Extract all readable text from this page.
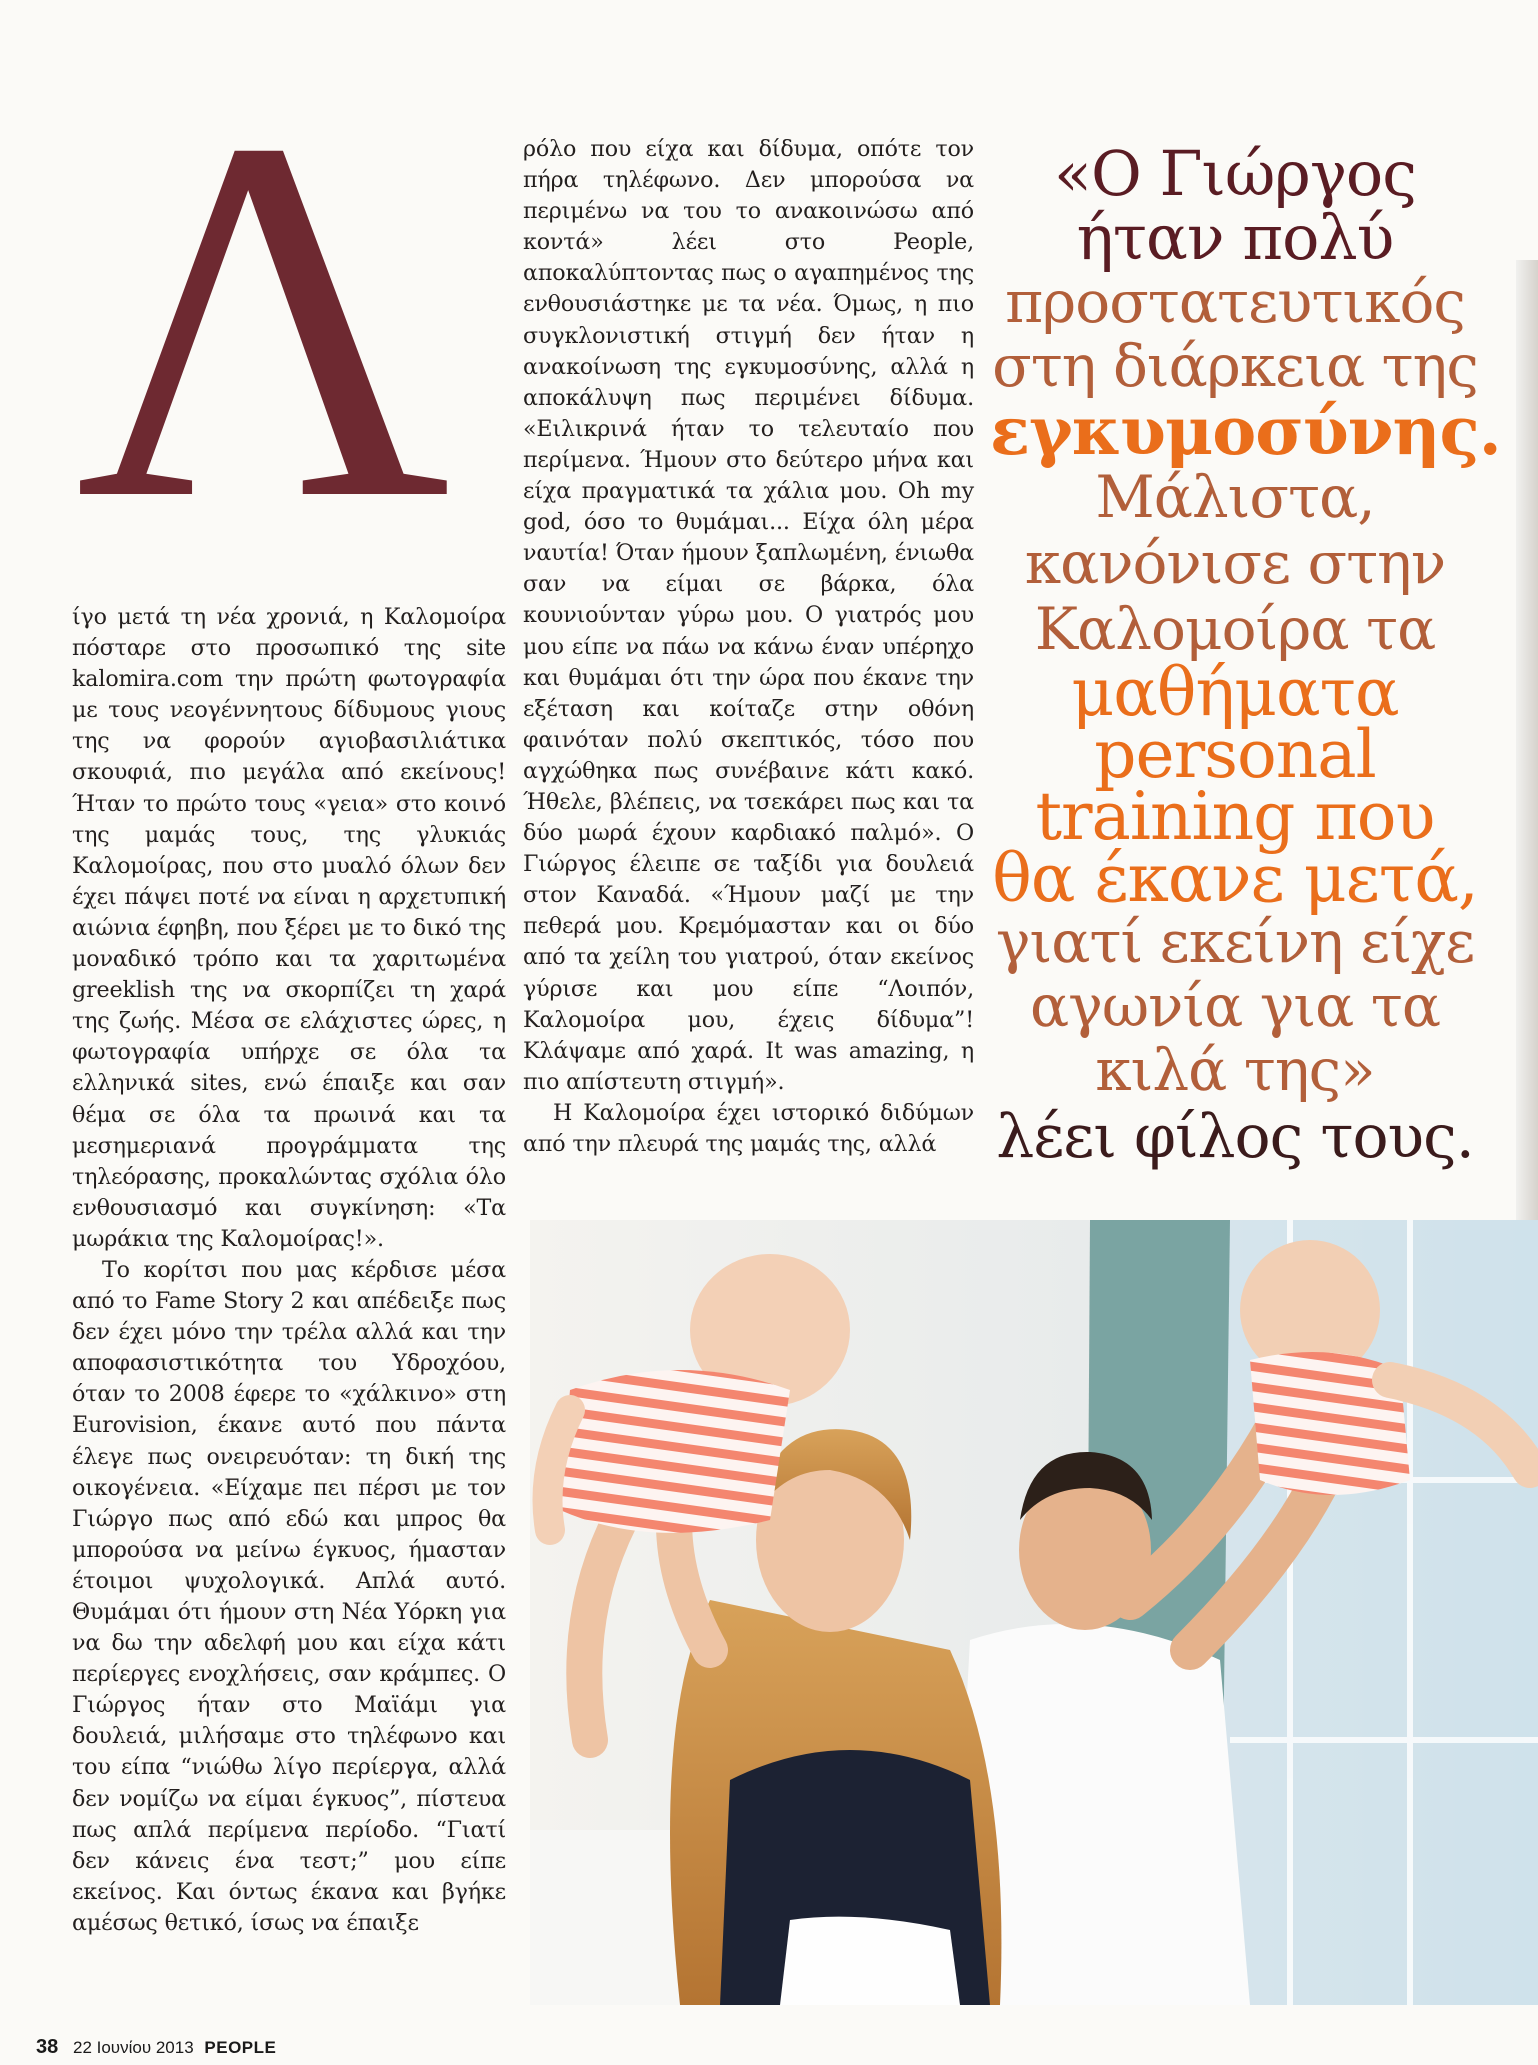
Λ

ίγο μετά τη νέα χρονιά, η Καλομοίρα πόσταρε στο προσωπικό της site kalomira.com την πρώτη φωτογραφία με τους νεογέννητους δίδυμους γιους της να φορούν αγιοβασιλιάτικα σκουφιά, πιο μεγάλα από εκείνους! Ήταν το πρώτο τους «γεια» στο κοινό της μαμάς τους, της γλυκιάς Καλομοίρας, που στο μυαλό όλων δεν έχει πάψει ποτέ να είναι η αρχετυπική αιώνια έφηβη, που ξέρει με το δικό της μοναδικό τρόπο και τα χαριτωμένα greeklish της να σκορπίζει τη χαρά της ζωής. Μέσα σε ελάχιστες ώρες, η φωτογραφία υπήρχε σε όλα τα ελληνικά sites, ενώ έπαιξε και σαν θέμα σε όλα τα πρωινά και τα μεσημεριανά προγράμματα της τηλεόρασης, προκαλώντας σχόλια όλο ενθουσιασμό και συγκίνηση: «Τα μωράκια της Καλομοίρας!».

Το κορίτσι που μας κέρδισε μέσα από το Fame Story 2 και απέδειξε πως δεν έχει μόνο την τρέλα αλλά και την αποφασιστικότητα του Υδροχόου, όταν το 2008 έφερε το «χάλκινο» στη Eurovision, έκανε αυτό που πάντα έλεγε πως ονειρευόταν: τη δική της οικογένεια. «Είχαμε πει πέρσι με τον Γιώργο πως από εδώ και μπρος θα μπορούσα να μείνω έγκυος, ήμασταν έτοιμοι ψυχολογικά. Απλά αυτό. Θυμάμαι ότι ήμουν στη Νέα Υόρκη για να δω την αδελφή μου και είχα κάτι περίεργες ενοχλήσεις, σαν κράμπες. Ο Γιώργος ήταν στο Μαϊάμι για δουλειά, μιλήσαμε στο τηλέφωνο και του είπα “νιώθω λίγο περίεργα, αλλά δεν νομίζω να είμαι έγκυος”, πίστευα πως απλά περίμενα περίοδο. “Γιατί δεν κάνεις ένα τεστ;” μου είπε εκείνος. Και όντως έκανα και βγήκε αμέσως θετικό, ίσως να έπαιξε

ρόλο που είχα και δίδυμα, οπότε τον πήρα τηλέφωνο. Δεν μπορούσα να περιμένω να του το ανακοινώσω από κοντά» λέει στο People, αποκαλύπτοντας πως ο αγαπημένος της ενθουσιάστηκε με τα νέα. Όμως, η πιο συγκλονιστική στιγμή δεν ήταν η ανακοίνωση της εγκυμοσύνης, αλλά η αποκάλυψη πως περιμένει δίδυμα. «Ειλικρινά ήταν το τελευταίο που περίμενα. Ήμουν στο δεύτερο μήνα και είχα πραγματικά τα χάλια μου. Oh my god, όσο το θυμάμαι... Είχα όλη μέρα ναυτία! Όταν ήμουν ξαπλωμένη, ένιωθα σαν να είμαι σε βάρκα, όλα κουνιούνταν γύρω μου. Ο γιατρός μου μου είπε να πάω να κάνω έναν υπέρηχο και θυμάμαι ότι την ώρα που έκανε την εξέταση και κοίταζε στην οθόνη φαινόταν πολύ σκεπτικός, τόσο που αγχώθηκα πως συνέβαινε κάτι κακό. Ήθελε, βλέπεις, να τσεκάρει πως και τα δύο μωρά έχουν καρδιακό παλμό». Ο Γιώργος έλειπε σε ταξίδι για δουλειά στον Καναδά. «Ήμουν μαζί με την πεθερά μου. Κρεμόμασταν και οι δύο από τα χείλη του γιατρού, όταν εκείνος γύρισε και μου είπε “Λοιπόν, Καλομοίρα μου, έχεις δίδυμα”! Κλάψαμε από χαρά. It was amazing, η πιο απίστευτη στιγμή».

Η Καλομοίρα έχει ιστορικό διδύμων από την πλευρά της μαμάς της, αλλά

«Ο Γιώργος ήταν πολύ
προστατευτικός στη διάρκεια της
εγκυμοσύνης.
Μάλιστα, κανόνισε στην Καλομοίρα τα
μαθήματα personal training που θα έκανε μετά,
γιατί εκείνη είχε αγωνία για τα κιλά της»
λέει φίλος τους.
38 22 Ιουνίου 2013 PEOPLE
